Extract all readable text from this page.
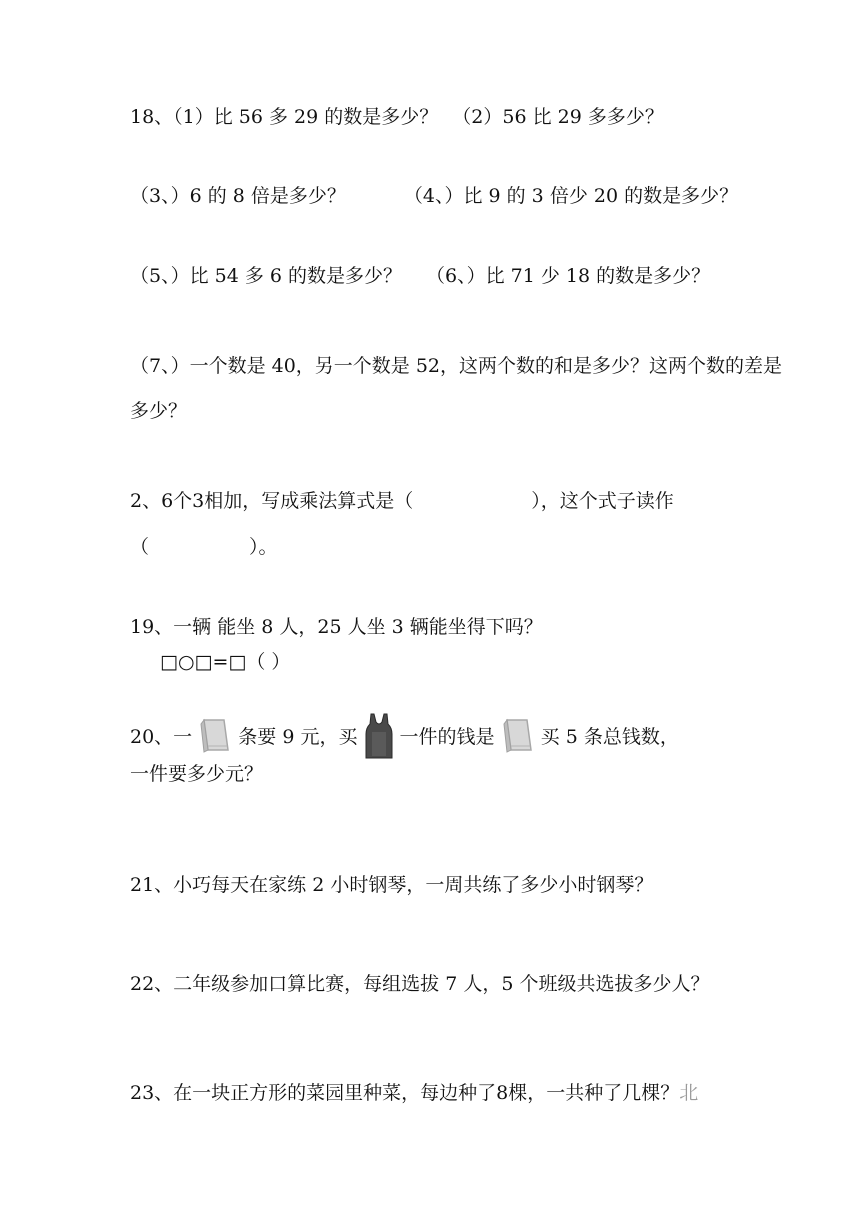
18、（1）比 56 多 29 的数是多少？ （2）56 比 29 多多少？
（3、）6 的 8 倍是多少？	（4、）比 9 的 3 倍少 20 的数是多少？
（5、）比 54 多 6 的数是多少？ （6、）比 71 少 18 的数是多少？
（7、）一个数是 40，另一个数是 52，这两个数的和是多少？这两个数的差是
多少？
2、6个3相加，写成乘法算式是（	），这个式子读作
（	）。
19、一辆 能坐 8 人，25 人坐 3 辆能坐得下吗？
□○□=□（ ）
20、一 条要 9 元，买 一件的钱是 买 5 条总钱数，
一件要多少元？
21、小巧每天在家练 2 小时钢琴，一周共练了多少小时钢琴？
22、二年级参加口算比赛，每组选拔 7 人，5 个班级共选拔多少人？
23、在一块正方形的菜园里种菜，每边种了8棵，一共种了几棵？北
